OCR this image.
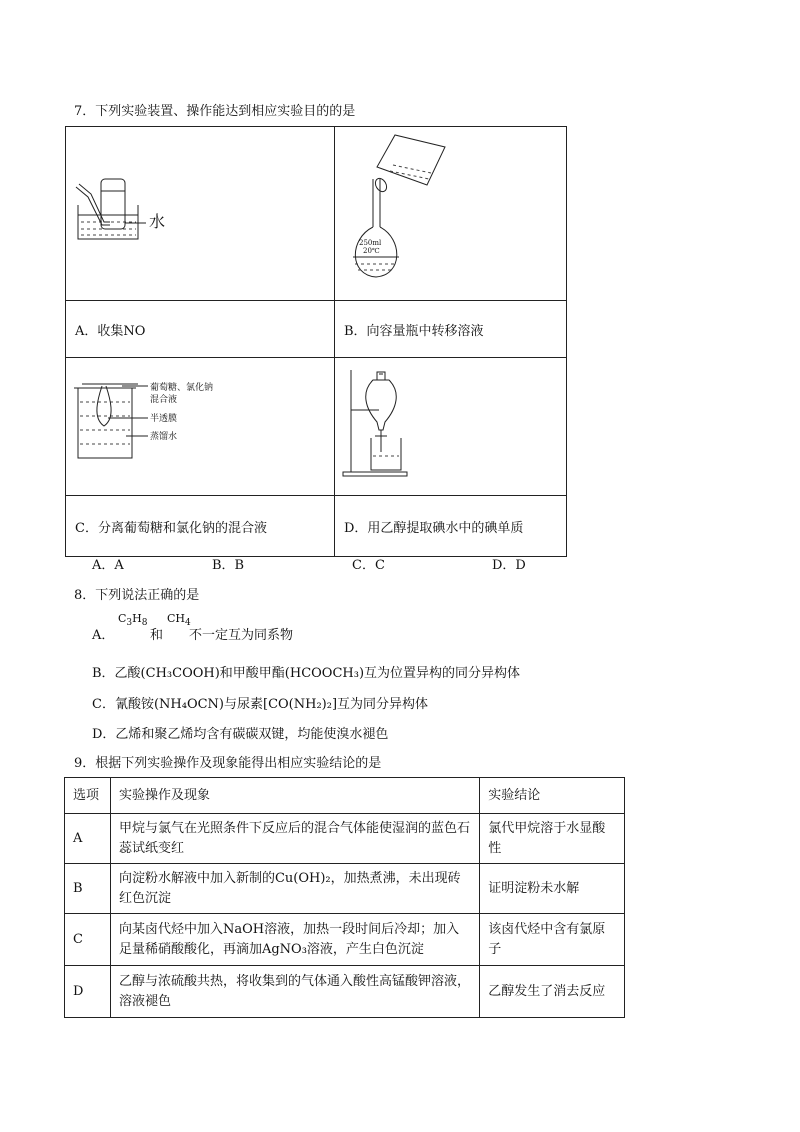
7．下列实验装置、操作能达到相应实验目的的是
水	250ml
20℃

A．收集NO	B．向容量瓶中转移溶液

葡萄糖、氯化钠
混合液
半透膜
蒸馏水

C．分离葡萄糖和氯化钠的混合液	D．用乙醇提取碘水中的碘单质
A．A	B．B	C．C	D．D
8．下列说法正确的是
A．
$C_3H_8$
和
$CH_4$
不一定互为同系物
B．乙酸(CH₃COOH)和甲酸甲酯(HCOOCH₃)互为位置异构的同分异构体
C．氰酸铵(NH₄OCN)与尿素[CO(NH₂)₂]互为同分异构体
D．乙烯和聚乙烯均含有碳碳双键，均能使溴水褪色
9．根据下列实验操作及现象能得出相应实验结论的是
选项	实验操作及现象	实验结论
A	甲烷与氯气在光照条件下反应后的混合气体能使湿润的蓝色石蕊试纸变红	氯代甲烷溶于水显酸性
B	向淀粉水解液中加入新制的Cu(OH)₂，加热煮沸，未出现砖红色沉淀	证明淀粉未水解
C	向某卤代烃中加入NaOH溶液，加热一段时间后冷却；加入足量稀硝酸酸化，再滴加AgNO₃溶液，产生白色沉淀	该卤代烃中含有氯原子
D	乙醇与浓硫酸共热，将收集到的气体通入酸性高锰酸钾溶液，溶液褪色	乙醇发生了消去反应
